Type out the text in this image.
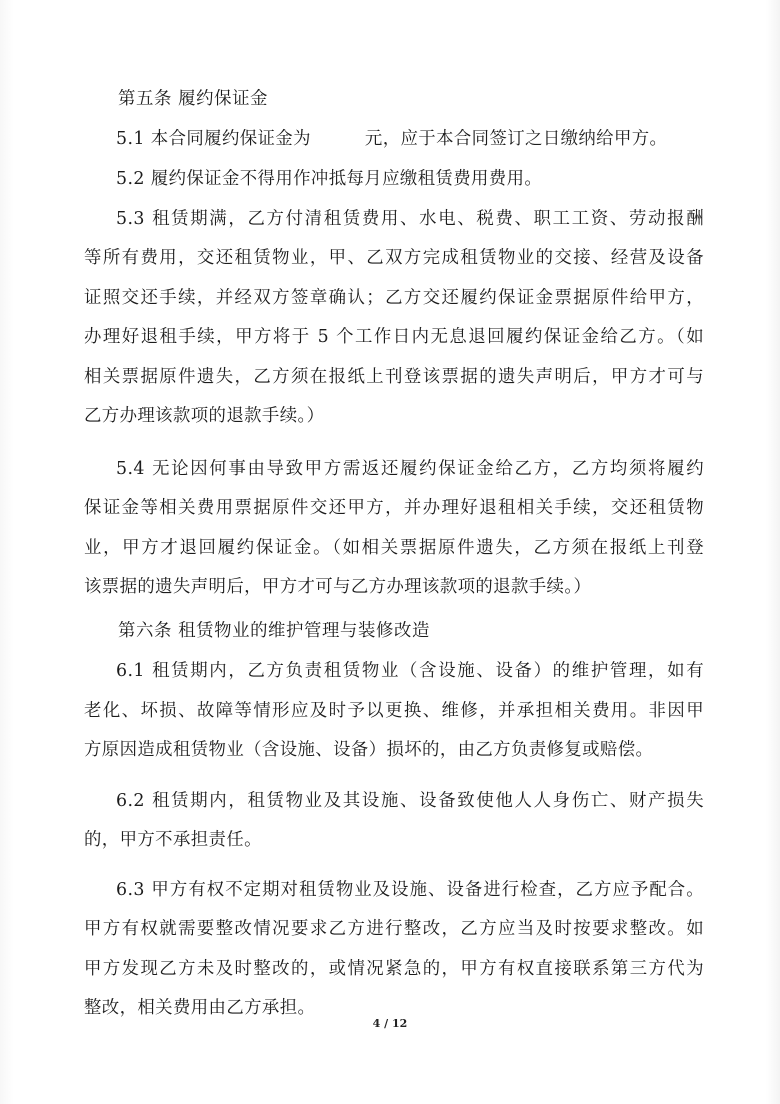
第五条 履约保证金
5.1 本合同履约保证金为	元，应于本合同签订之日缴纳给甲方。
5.2 履约保证金不得用作冲抵每月应缴租赁费用费用。
5.3 租赁期满，乙方付清租赁费用、水电、税费、职工工资、劳动报酬
等所有费用，交还租赁物业，甲、乙双方完成租赁物业的交接、经营及设备
证照交还手续，并经双方签章确认；乙方交还履约保证金票据原件给甲方，
办理好退租手续，甲方将于 5 个工作日内无息退回履约保证金给乙方。（如
相关票据原件遗失，乙方须在报纸上刊登该票据的遗失声明后，甲方才可与
乙方办理该款项的退款手续。）
5.4 无论因何事由导致甲方需返还履约保证金给乙方，乙方均须将履约
保证金等相关费用票据原件交还甲方，并办理好退租相关手续，交还租赁物
业，甲方才退回履约保证金。（如相关票据原件遗失，乙方须在报纸上刊登
该票据的遗失声明后，甲方才可与乙方办理该款项的退款手续。）
第六条 租赁物业的维护管理与装修改造
6.1 租赁期内，乙方负责租赁物业（含设施、设备）的维护管理，如有
老化、坏损、故障等情形应及时予以更换、维修，并承担相关费用。非因甲
方原因造成租赁物业（含设施、设备）损坏的，由乙方负责修复或赔偿。
6.2 租赁期内，租赁物业及其设施、设备致使他人人身伤亡、财产损失
的，甲方不承担责任。
6.3 甲方有权不定期对租赁物业及设施、设备进行检查，乙方应予配合。
甲方有权就需要整改情况要求乙方进行整改，乙方应当及时按要求整改。如
甲方发现乙方未及时整改的，或情况紧急的，甲方有权直接联系第三方代为
整改，相关费用由乙方承担。
4 / 12
